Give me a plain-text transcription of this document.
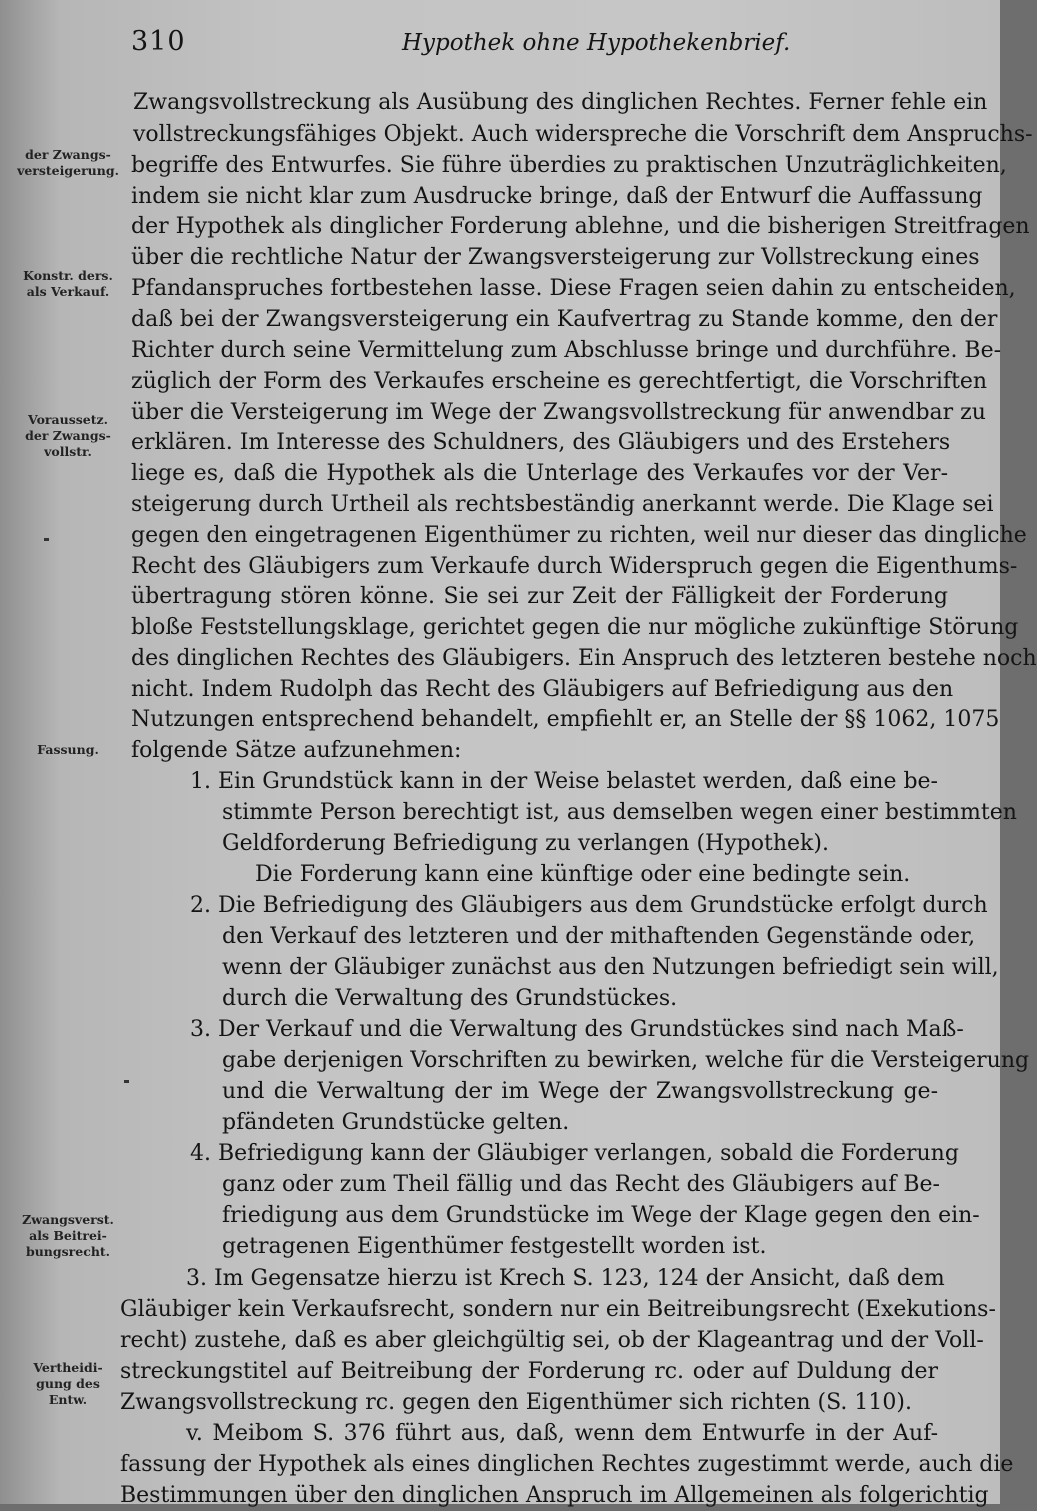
310	Hypothek ohne Hypothekenbrief.
Zwangsvollstreckung als Ausübung des dinglichen Rechtes. Ferner fehle ein
vollstreckungsfähiges Objekt. Auch widerspreche die Vorschrift dem Anspruchs-
begriffe des Entwurfes. Sie führe überdies zu praktischen Unzuträglichkeiten,
indem sie nicht klar zum Ausdrucke bringe, daß der Entwurf die Auffassung
der Hypothek als dinglicher Forderung ablehne, und die bisherigen Streitfragen
über die rechtliche Natur der Zwangsversteigerung zur Vollstreckung eines
Pfandanspruches fortbestehen lasse. Diese Fragen seien dahin zu entscheiden,
daß bei der Zwangsversteigerung ein Kaufvertrag zu Stande komme, den der
Richter durch seine Vermittelung zum Abschlusse bringe und durchführe. Be-
züglich der Form des Verkaufes erscheine es gerechtfertigt, die Vorschriften
über die Versteigerung im Wege der Zwangsvollstreckung für anwendbar zu
erklären. Im Interesse des Schuldners, des Gläubigers und des Erstehers
liege es, daß die Hypothek als die Unterlage des Verkaufes vor der Ver-
steigerung durch Urtheil als rechtsbeständig anerkannt werde. Die Klage sei
gegen den eingetragenen Eigenthümer zu richten, weil nur dieser das dingliche
Recht des Gläubigers zum Verkaufe durch Widerspruch gegen die Eigenthums-
übertragung stören könne. Sie sei zur Zeit der Fälligkeit der Forderung
bloße Feststellungsklage, gerichtet gegen die nur mögliche zukünftige Störung
des dinglichen Rechtes des Gläubigers. Ein Anspruch des letzteren bestehe noch
nicht. Indem Rudolph das Recht des Gläubigers auf Befriedigung aus den
Nutzungen entsprechend behandelt, empfiehlt er, an Stelle der §§ 1062, 1075
folgende Sätze aufzunehmen:
1. Ein Grundstück kann in der Weise belastet werden, daß eine be-
stimmte Person berechtigt ist, aus demselben wegen einer bestimmten
Geldforderung Befriedigung zu verlangen (Hypothek).
Die Forderung kann eine künftige oder eine bedingte sein.
2. Die Befriedigung des Gläubigers aus dem Grundstücke erfolgt durch
den Verkauf des letzteren und der mithaftenden Gegenstände oder,
wenn der Gläubiger zunächst aus den Nutzungen befriedigt sein will,
durch die Verwaltung des Grundstückes.
3. Der Verkauf und die Verwaltung des Grundstückes sind nach Maß-
gabe derjenigen Vorschriften zu bewirken, welche für die Versteigerung
und die Verwaltung der im Wege der Zwangsvollstreckung ge-
pfändeten Grundstücke gelten.
4. Befriedigung kann der Gläubiger verlangen, sobald die Forderung
ganz oder zum Theil fällig und das Recht des Gläubigers auf Be-
friedigung aus dem Grundstücke im Wege der Klage gegen den ein-
getragenen Eigenthümer festgestellt worden ist.
3. Im Gegensatze hierzu ist Krech S. 123, 124 der Ansicht, daß dem
Gläubiger kein Verkaufsrecht, sondern nur ein Beitreibungsrecht (Exekutions-
recht) zustehe, daß es aber gleichgültig sei, ob der Klageantrag und der Voll-
streckungstitel auf Beitreibung der Forderung rc. oder auf Duldung der
Zwangsvollstreckung rc. gegen den Eigenthümer sich richten (S. 110).
v. Meibom S. 376 führt aus, daß, wenn dem Entwurfe in der Auf-
fassung der Hypothek als eines dinglichen Rechtes zugestimmt werde, auch die
Bestimmungen über den dinglichen Anspruch im Allgemeinen als folgerichtig
der Zwangs-
versteigerung.
Konstr. ders.
als Verkauf.
Voraussetz.
der Zwangs-
vollstr.
Fassung.
Zwangsverst.
als Beitrei-
bungsrecht.
Vertheidi-
gung des
Entw.
